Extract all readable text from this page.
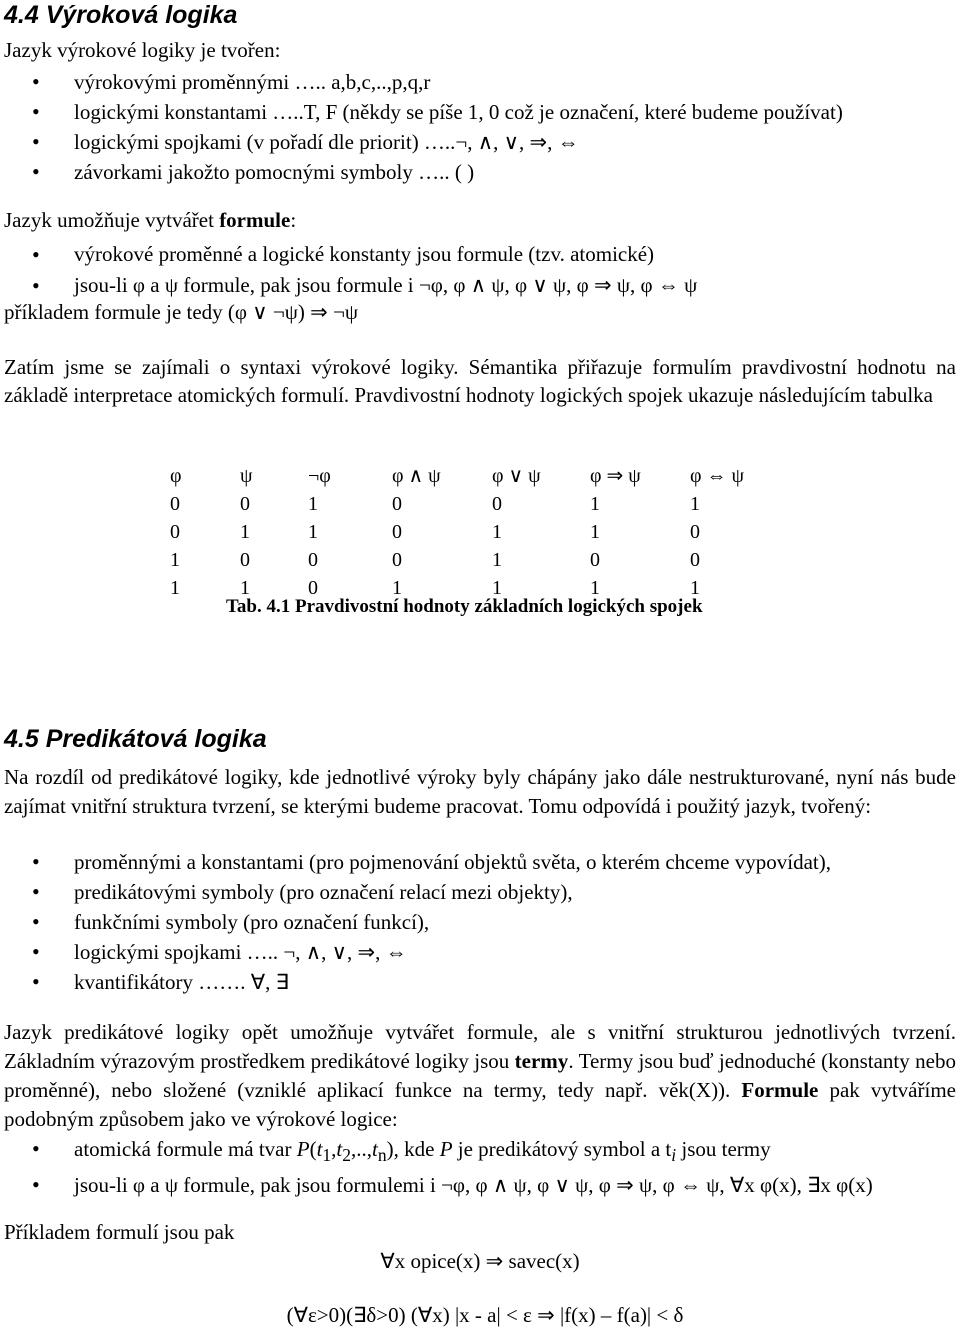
4.4 Výroková logika

Jazyk výrokové logiky je tvořen:

• výrokovými proměnnými ….. a,b,c,..,p,q,r
• logickými konstantami …..T, F (někdy se píše 1, 0 což je označení, které budeme používat)
• logickými spojkami (v pořadí dle priorit) …..¬, ∧, ∨, ⇒, ⇔
• závorkami jakožto pomocnými symboly ….. ( )

Jazyk umožňuje vytvářet formule:

• výrokové proměnné a logické konstanty jsou formule (tzv. atomické)
• jsou-li φ a ψ formule, pak jsou formule i ¬φ, φ ∧ ψ, φ ∨ ψ, φ ⇒ ψ, φ ⇔ ψ

příkladem formule je tedy (φ ∨ ¬ψ) ⇒ ¬ψ

Zatím jsme se zajímali o syntaxi výrokové logiky. Sémantika přiřazuje formulím pravdivostní hodnotu na základě interpretace atomických formulí. Pravdivostní hodnoty logických spojek ukazuje následujícím tabulka

φ	ψ	¬φ	φ ∧ ψ	φ ∨ ψ	φ ⇒ ψ	φ ⇔ ψ
0	0	1	0	0	1	1
0	1	1	0	1	1	0
1	0	0	0	1	0	0
1	1	0	1	1	1	1

Tab. 4.1 Pravdivostní hodnoty základních logických spojek

4.5 Predikátová logika

Na rozdíl od predikátové logiky, kde jednotlivé výroky byly chápány jako dále nestrukturované, nyní nás bude zajímat vnitřní struktura tvrzení, se kterými budeme pracovat. Tomu odpovídá i použitý jazyk, tvořený:

• proměnnými a konstantami (pro pojmenování objektů světa, o kterém chceme vypovídat),
• predikátovými symboly (pro označení relací mezi objekty),
• funkčními symboly (pro označení funkcí),
• logickými spojkami ….. ¬, ∧, ∨, ⇒, ⇔
• kvantifikátory ……. ∀, ∃

Jazyk predikátové logiky opět umožňuje vytvářet formule, ale s vnitřní strukturou jednotlivých tvrzení. Základním výrazovým prostředkem predikátové logiky jsou termy. Termy jsou buď jednoduché (konstanty nebo proměnné), nebo složené (vzniklé aplikací funkce na termy, tedy např. věk(X)). Formule pak vytváříme podobným způsobem jako ve výrokové logice:

• atomická formule má tvar $P(t_1,t_2,..,t_n)$, kde P je predikátový symbol a $t_i$ jsou termy
• jsou-li φ a ψ formule, pak jsou formulemi i ¬φ, φ ∧ ψ, φ ∨ ψ, φ ⇒ ψ, φ ⇔ ψ, ∀x φ(x), ∃x φ(x)

Příkladem formulí jsou pak

∀x opice(x) ⇒ savec(x)

(∀ε>0)(∃δ>0) (∀x) |x - a| < ε ⇒ |f(x) – f(a)| < δ
